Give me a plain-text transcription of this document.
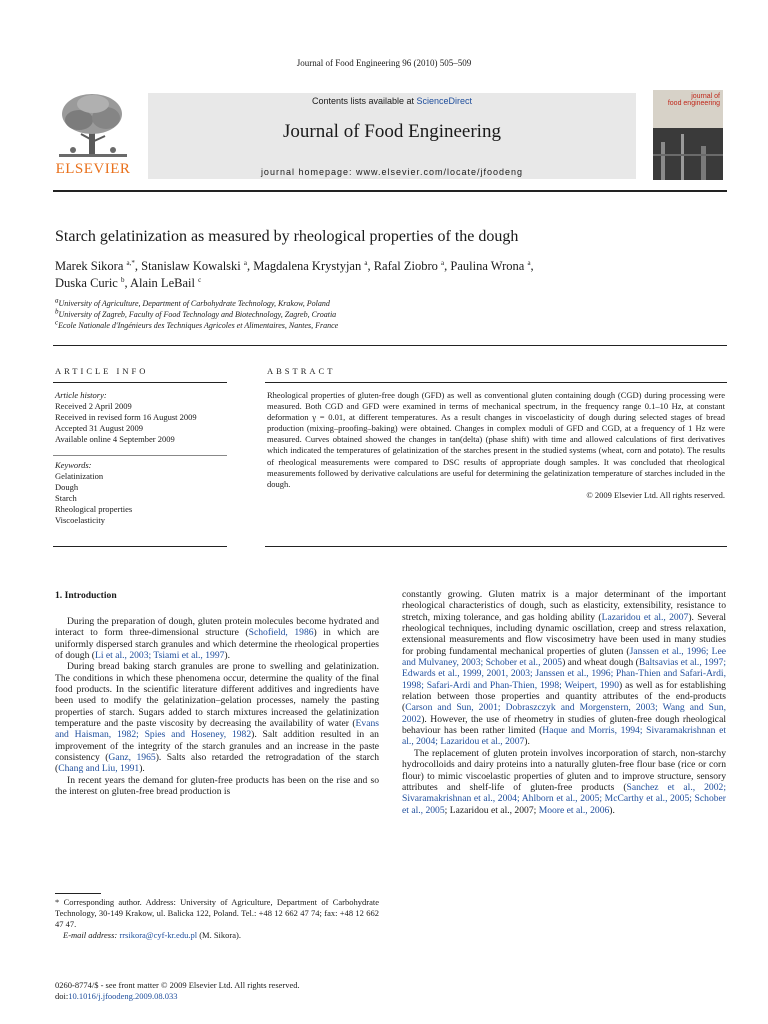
Journal of Food Engineering 96 (2010) 505–509
ELSEVIER
Contents lists available at ScienceDirect
Journal of Food Engineering
journal homepage: www.elsevier.com/locate/jfoodeng
journal of
food engineering
Starch gelatinization as measured by rheological properties of the dough
Marek Sikora $^{a,*}$, Stanislaw Kowalski $^a$, Magdalena Krystyjan $^a$, Rafal Ziobro $^a$, Paulina Wrona $^a$,
Duska Curic $^b$, Alain LeBail $^c$
$^a$University of Agriculture, Department of Carbohydrate Technology, Krakow, Poland
$^b$University of Zagreb, Faculty of Food Technology and Biotechnology, Zagreb, Croatia
$^c$Ecole Nationale d'Ingénieurs des Techniques Agricoles et Alimentaires, Nantes, France
ARTICLE INFO	ABSTRACT
Article history:
Received 2 April 2009
Received in revised form 16 August 2009
Accepted 31 August 2009
Available online 4 September 2009
Keywords:
Gelatinization
Dough
Starch
Rheological properties
Viscoelasticity
Rheological properties of gluten-free dough (GFD) as well as conventional gluten containing dough (CGD) during processing were measured. Both CGD and GFD were examined in terms of mechanical spectrum, in the frequency range 0.1–10 Hz, at constant deformation γ = 0.01, at different temperatures. As a result changes in viscoelasticity of dough during selected stages of bread production (mixing–proofing–baking) were obtained. Changes in complex moduli of GFD and CGD, at a frequency of 1 Hz were measured. Curves obtained showed the changes in tan(delta) (phase shift) with time and allowed calculations of first derivatives which indicated the temperatures of gelatinization of the starches present in the studied systems (wheat, corn and potato). The results of rheological measurements were compared to DSC results of appropriate dough samples. It was concluded that rheological measurements followed by derivative calculations are useful for determining the gelatinization temperature of starches included in the dough.
© 2009 Elsevier Ltd. All rights reserved.
1. Introduction

During the preparation of dough, gluten protein molecules become hydrated and interact to form three-dimensional structure (Schofield, 1986) in which are uniformly dispersed starch granules and which determine the rheological properties of dough (Li et al., 2003; Tsiami et al., 1997).

During bread baking starch granules are prone to swelling and gelatinization. The conditions in which these phenomena occur, determine the quality of the final food products. In the scientific literature different additives and ingredients have been used to modify the gelatinization–gelation processes, namely the pasting properties of starch. Sugars added to starch mixtures increased the gelatinization temperature and the paste viscosity by decreasing the availability of water (Evans and Haisman, 1982; Spies and Hoseney, 1982). Salt addition resulted in an improvement of the integrity of the starch granules and an increase in the paste consistency (Ganz, 1965). Salts also retarded the retrogradation of the starch (Chang and Liu, 1991).

In recent years the demand for gluten-free products has been on the rise and so the interest on gluten-free bread production is

constantly growing. Gluten matrix is a major determinant of the important rheological characteristics of dough, such as elasticity, extensibility, resistance to stretch, mixing tolerance, and gas holding ability (Lazaridou et al., 2007). Several rheological techniques, including dynamic oscillation, creep and stress relaxation, extensional measurements and flow viscosimetry have been used in many studies for probing fundamental mechanical properties of gluten (Janssen et al., 1996; Lee and Mulvaney, 2003; Schober et al., 2005) and wheat dough (Baltsavias et al., 1997; Edwards et al., 1999, 2001, 2003; Janssen et al., 1996; Phan-Thien and Safari-Ardi, 1998; Safari-Ardi and Phan-Thien, 1998; Weipert, 1990) as well as for establishing relation between those properties and quantity attributes of the end-products (Carson and Sun, 2001; Dobraszczyk and Morgenstern, 2003; Wang and Sun, 2002). However, the use of rheometry in studies of gluten-free dough rheological behaviour has been rather limited (Haque and Morris, 1994; Sivaramakrishnan et al., 2004; Lazaridou et al., 2007).

The replacement of gluten protein involves incorporation of starch, non-starchy hydrocolloids and dairy proteins into a naturally gluten-free flour base (rice or corn flour) to mimic viscoelastic properties of gluten and to improve structure, sensory attributes and shelf-life of gluten-free products (Sanchez et al., 2002; Sivaramakrishnan et al., 2004; Ahlborn et al., 2005; McCarthy et al., 2005; Schober et al., 2005; Lazaridou et al., 2007; Moore et al., 2006).

* Corresponding author. Address: University of Agriculture, Department of Carbohydrate Technology, 30-149 Krakow, ul. Balicka 122, Poland. Tel.: +48 12 662 47 74; fax: +48 12 662 47 47.
E-mail address: rrsikora@cyf-kr.edu.pl (M. Sikora).
0260-8774/$ - see front matter © 2009 Elsevier Ltd. All rights reserved.
doi:10.1016/j.jfoodeng.2009.08.033
